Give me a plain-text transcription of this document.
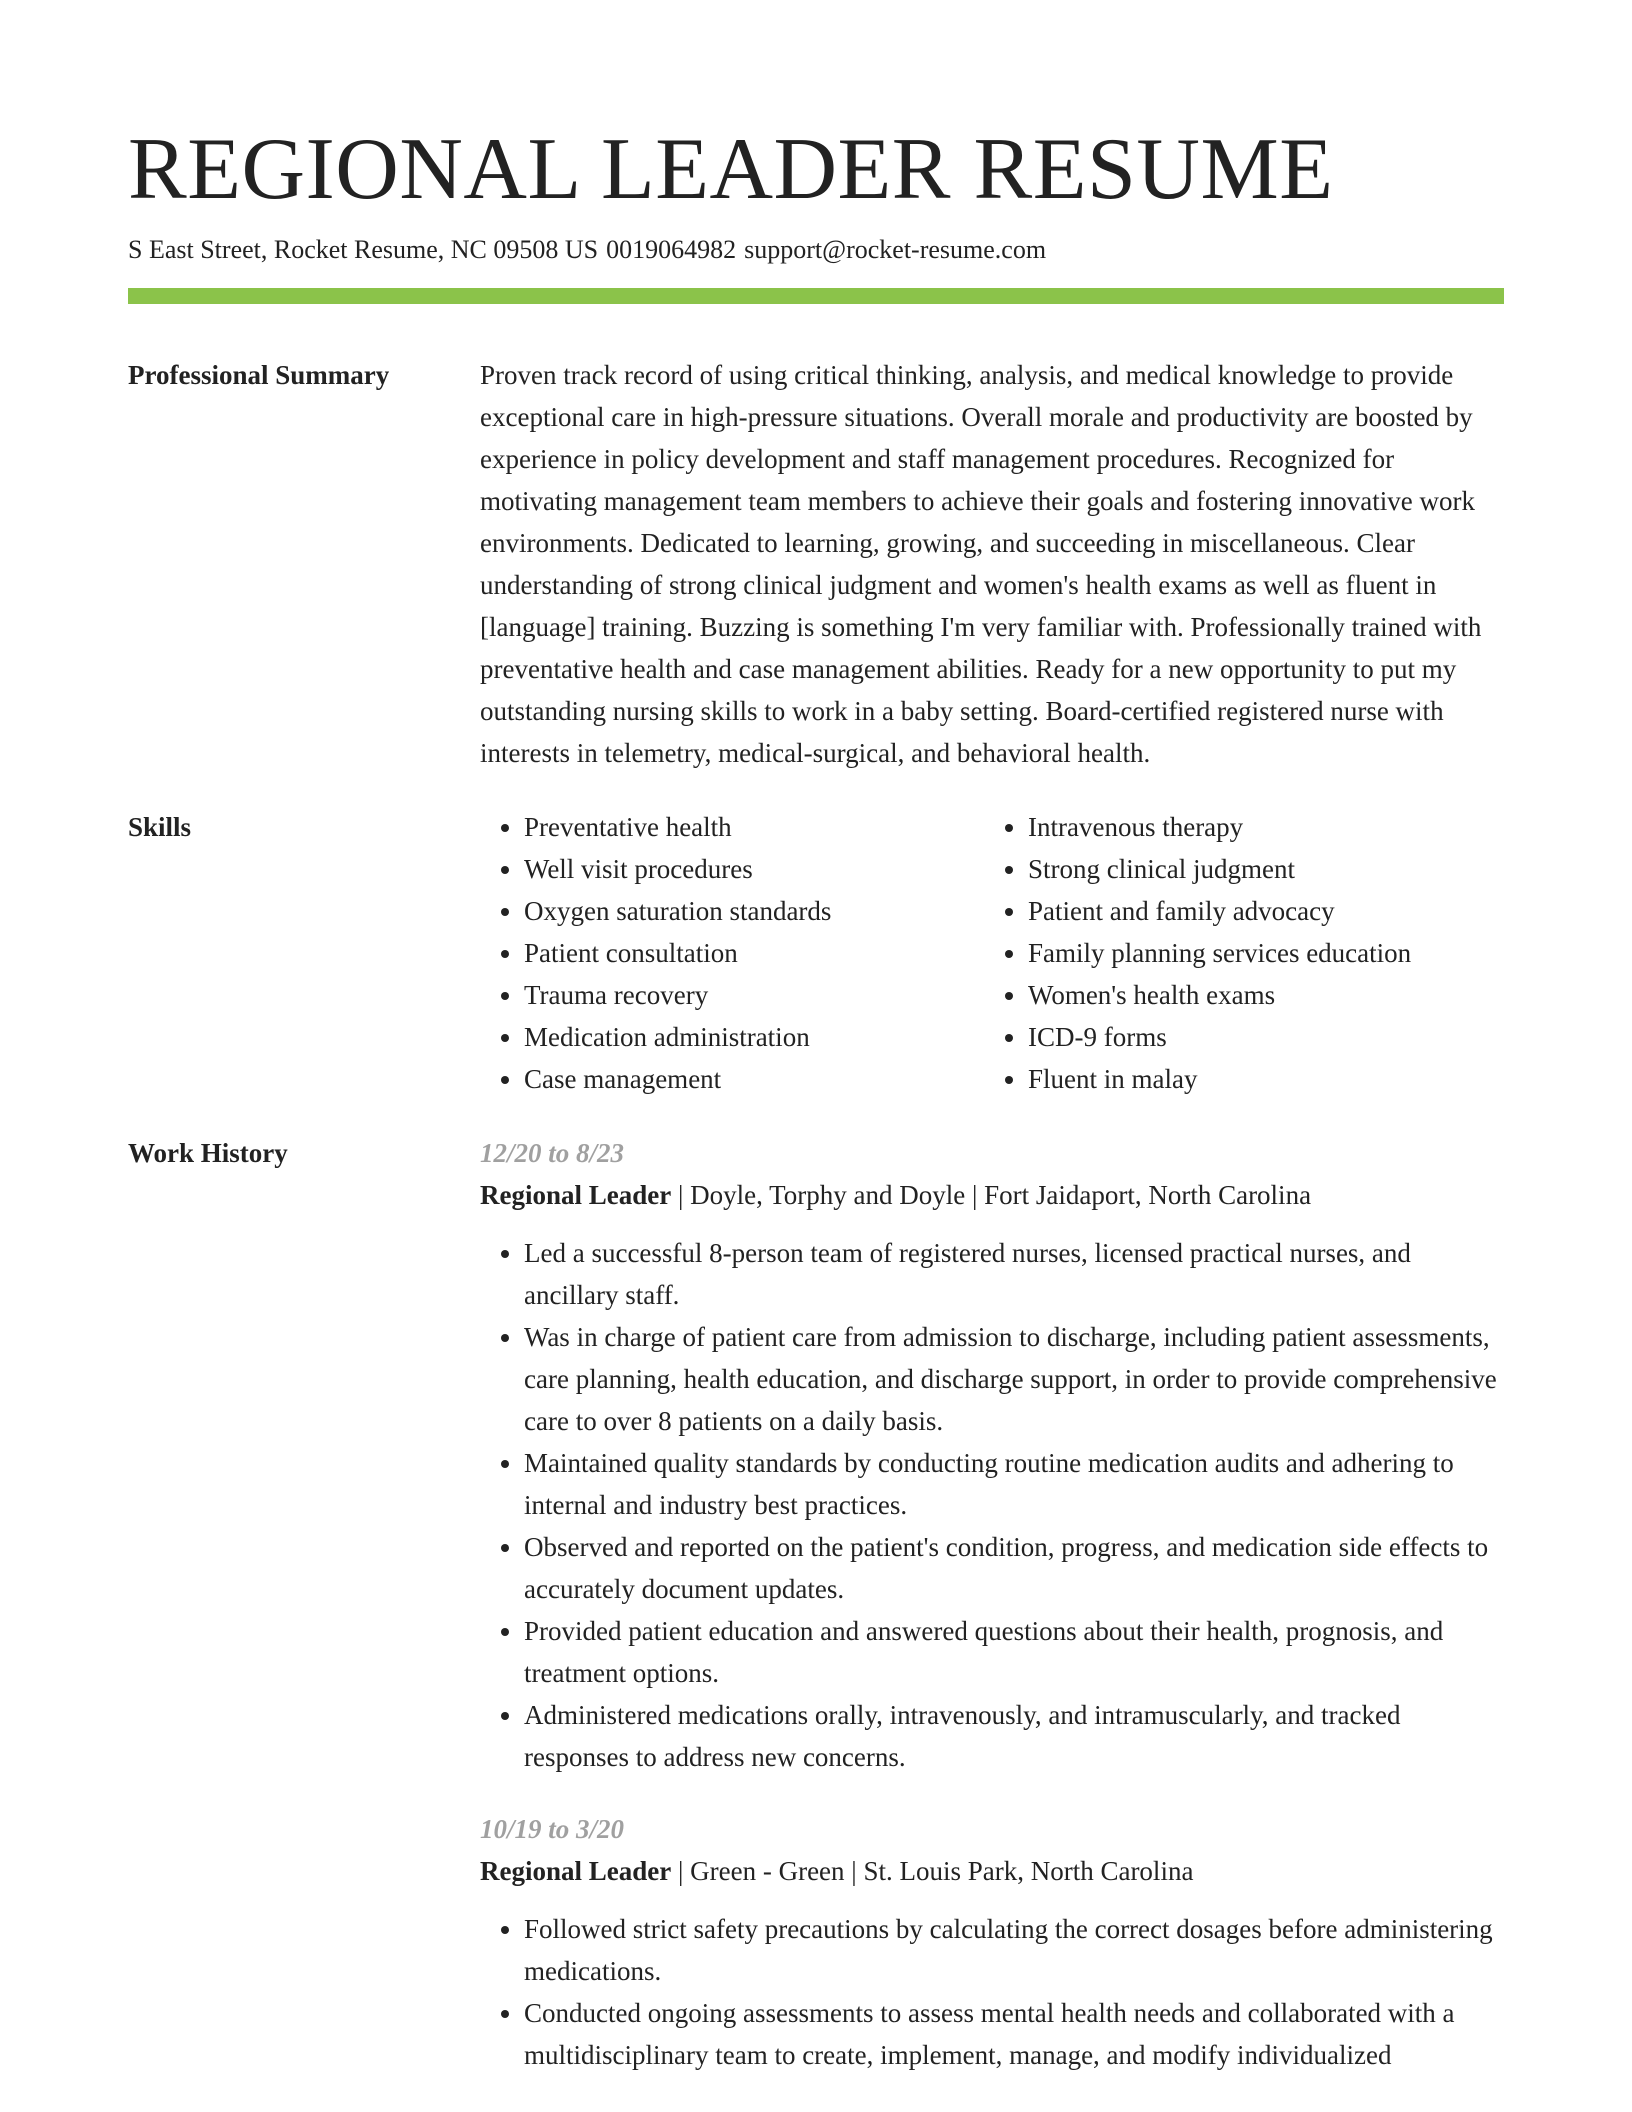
REGIONAL LEADER RESUME
S East Street, Rocket Resume, NC 09508 US 0019064982 support@rocket-resume.com
Professional Summary	Proven track record of using critical thinking, analysis, and medical knowledge to provide exceptional care in high-pressure situations. Overall morale and productivity are boosted by experience in policy development and staff management procedures. Recognized for motivating management team members to achieve their goals and fostering innovative work environments. Dedicated to learning, growing, and succeeding in miscellaneous. Clear understanding of strong clinical judgment and women's health exams as well as fluent in [language] training. Buzzing is something I'm very familiar with. Professionally trained with preventative health and case management abilities. Ready for a new opportunity to put my outstanding nursing skills to work in a baby setting. Board-certified registered nurse with interests in telemetry, medical-surgical, and behavioral health.

Skills
•	Preventative health
• Well visit procedures
• Oxygen saturation standards
• Patient consultation
• Trauma recovery
• Medication administration
• Case management
• Intravenous therapy
• Strong clinical judgment
• Patient and family advocacy
• Family planning services education
• Women's health exams
• ICD-9 forms
• Fluent in malay
Work History	12/20 to 8/23
Regional Leader | Doyle, Torphy and Doyle | Fort Jaidaport, North Carolina
• Led a successful 8-person team of registered nurses, licensed practical nurses, and ancillary staff.
• Was in charge of patient care from admission to discharge, including patient assessments, care planning, health education, and discharge support, in order to provide comprehensive care to over 8 patients on a daily basis.
• Maintained quality standards by conducting routine medication audits and adhering to internal and industry best practices.
• Observed and reported on the patient's condition, progress, and medication side effects to accurately document updates.
• Provided patient education and answered questions about their health, prognosis, and treatment options.
• Administered medications orally, intravenously, and intramuscularly, and tracked responses to address new concerns.
10/19 to 3/20
Regional Leader | Green - Green | St. Louis Park, North Carolina
• Followed strict safety precautions by calculating the correct dosages before administering medications.
• Conducted ongoing assessments to assess mental health needs and collaborated with a multidisciplinary team to create, implement, manage, and modify individualized
